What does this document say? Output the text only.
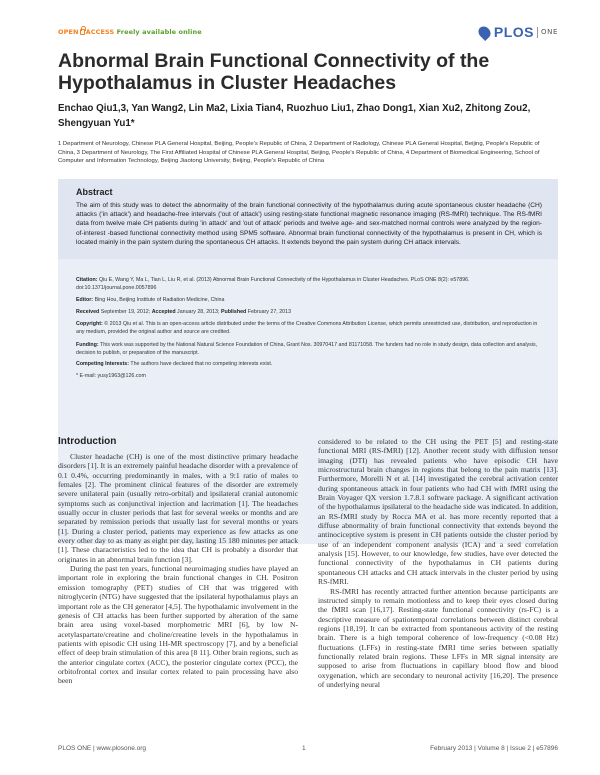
OPEN ACCESS Freely available online	PLOS ONE
Abnormal Brain Functional Connectivity of the Hypothalamus in Cluster Headaches
Enchao Qiu1,3, Yan Wang2, Lin Ma2, Lixia Tian4, Ruozhuo Liu1, Zhao Dong1, Xian Xu2, Zhitong Zou2, Shengyuan Yu1*
1 Department of Neurology, Chinese PLA General Hospital, Beijing, People's Republic of China, 2 Department of Radiology, Chinese PLA General Hospital, Beijing, People's Republic of China, 3 Department of Neurology, The First Affiliated Hospital of Chinese PLA General Hospital, Beijing, People's Republic of China, 4 Department of Biomedical Engineering, School of Computer and Information Technology, Beijing Jiaotong University, Beijing, People's Republic of China
Abstract
The aim of this study was to detect the abnormality of the brain functional connectivity of the hypothalamus during acute spontaneous cluster headache (CH) attacks ('in attack') and headache-free intervals ('out of attack') using resting-state functional magnetic resonance imaging (RS-fMRI) technique. The RS-fMRI data from twelve male CH patients during 'in attack' and 'out of attack' periods and twelve age- and sex-matched normal controls were analyzed by the region-of-interest -based functional connectivity method using SPM5 software. Abnormal brain functional connectivity of the hypothalamus is present in CH, which is located mainly in the pain system during the spontaneous CH attacks. It extends beyond the pain system during CH attack intervals.
Citation: Qiu E, Wang Y, Ma L, Tian L, Liu R, et al. (2013) Abnormal Brain Functional Connectivity of the Hypothalamus in Cluster Headaches. PLoS ONE 8(2): e57896. doi:10.1371/journal.pone.0057896
Editor: Bing Hou, Beijing Institute of Radiation Medicine, China
Received September 19, 2012; Accepted January 28, 2013; Published February 27, 2013
Copyright: © 2013 Qiu et al. This is an open-access article distributed under the terms of the Creative Commons Attribution License, which permits unrestricted use, distribution, and reproduction in any medium, provided the original author and source are credited.
Funding: This work was supported by the National Natural Science Foundation of China, Grant Nos. 30970417 and 81171058. The funders had no role in study design, data collection and analysis, decision to publish, or preparation of the manuscript.
Competing Interests: The authors have declared that no competing interests exist.
* E-mail: yusy1963@126.com
Introduction

Cluster headache (CH) is one of the most distinctive primary headache disorders [1]. It is an extremely painful headache disorder with a prevalence of 0.1 0.4%, occurring predominantly in males, with a 9:1 ratio of males to females [2]. The prominent clinical features of the disorder are extremely severe unilateral pain (usually retro-orbital) and ipsilateral cranial autonomic symptoms such as conjunctival injection and lacrimation [1]. The headaches usually occur in cluster periods that last for several weeks or months and are separated by remission periods that usually last for several months or years [1]. During a cluster period, patients may experience as few attacks as one every other day to as many as eight per day, lasting 15 180 minutes per attack [1]. These characteristics led to the idea that CH is probably a disorder that originates in an abnormal brain function [3].

During the past ten years, functional neuroimaging studies have played an important role in exploring the brain functional changes in CH. Positron emission tomography (PET) studies of CH that was triggered with nitroglycerin (NTG) have suggested that the ipsilateral hypothalamus plays an important role as the CH generator [4,5]. The hypothalamic involvement in the genesis of CH attacks has been further supported by alteration of the same brain area using voxel-based morphometric MRI [6], by low N-acetylaspartate/creatine and choline/creatine levels in the hypothalamus in patients with episodic CH using 1H-MR spectroscopy [7], and by a beneficial effect of deep brain stimulation of this area [8 11]. Other brain regions, such as the anterior cingulate cortex (ACC), the posterior cingulate cortex (PCC), the orbitofrontal cortex and insular cortex related to pain processing have also been

considered to be related to the CH using the PET [5] and resting-state functional MRI (RS-fMRI) [12]. Another recent study with diffusion tensor imaging (DTI) has revealed patients who have episodic CH have microstructural brain changes in regions that belong to the pain matrix [13]. Furthermore, Morelli N et al. [14] investigated the cerebral activation center during spontaneous attack in four patients who had CH with fMRI using the Brain Voyager QX version 1.7.8.1 software package. A significant activation of the hypothalamus ipsilateral to the headache side was indicated. In addition, an RS-fMRI study by Rocca MA et al. has more recently reported that a diffuse abnormality of brain functional connectivity that extends beyond the antinociceptive system is present in CH patients outside the cluster period by use of an independent component analysis (ICA) and a seed correlation analysis [15]. However, to our knowledge, few studies, have ever detected the functional connectivity of the hypothalamus in CH patients during spontaneous CH attacks and CH attack intervals in the cluster period by using RS-fMRI.

RS-fMRI has recently attracted further attention because participants are instructed simply to remain motionless and to keep their eyes closed during the fMRI scan [16,17]. Resting-state functional connectivity (rs-FC) is a descriptive measure of spatiotemporal correlations between distinct cerebral regions [18,19]. It can be extracted from spontaneous activity of the resting brain. There is a high temporal coherence of low-frequency (<0.08 Hz) fluctuations (LFFs) in resting-state fMRI time series between spatially functionally related brain regions. These LFFs in MR signal intensity are supposed to arise from fluctuations in capillary blood flow and blood oxygenation, which are secondary to neuronal activity [16,20]. The presence of underlying neural

PLOS ONE | www.plosone.org	1	February 2013 | Volume 8 | Issue 2 | e57896
